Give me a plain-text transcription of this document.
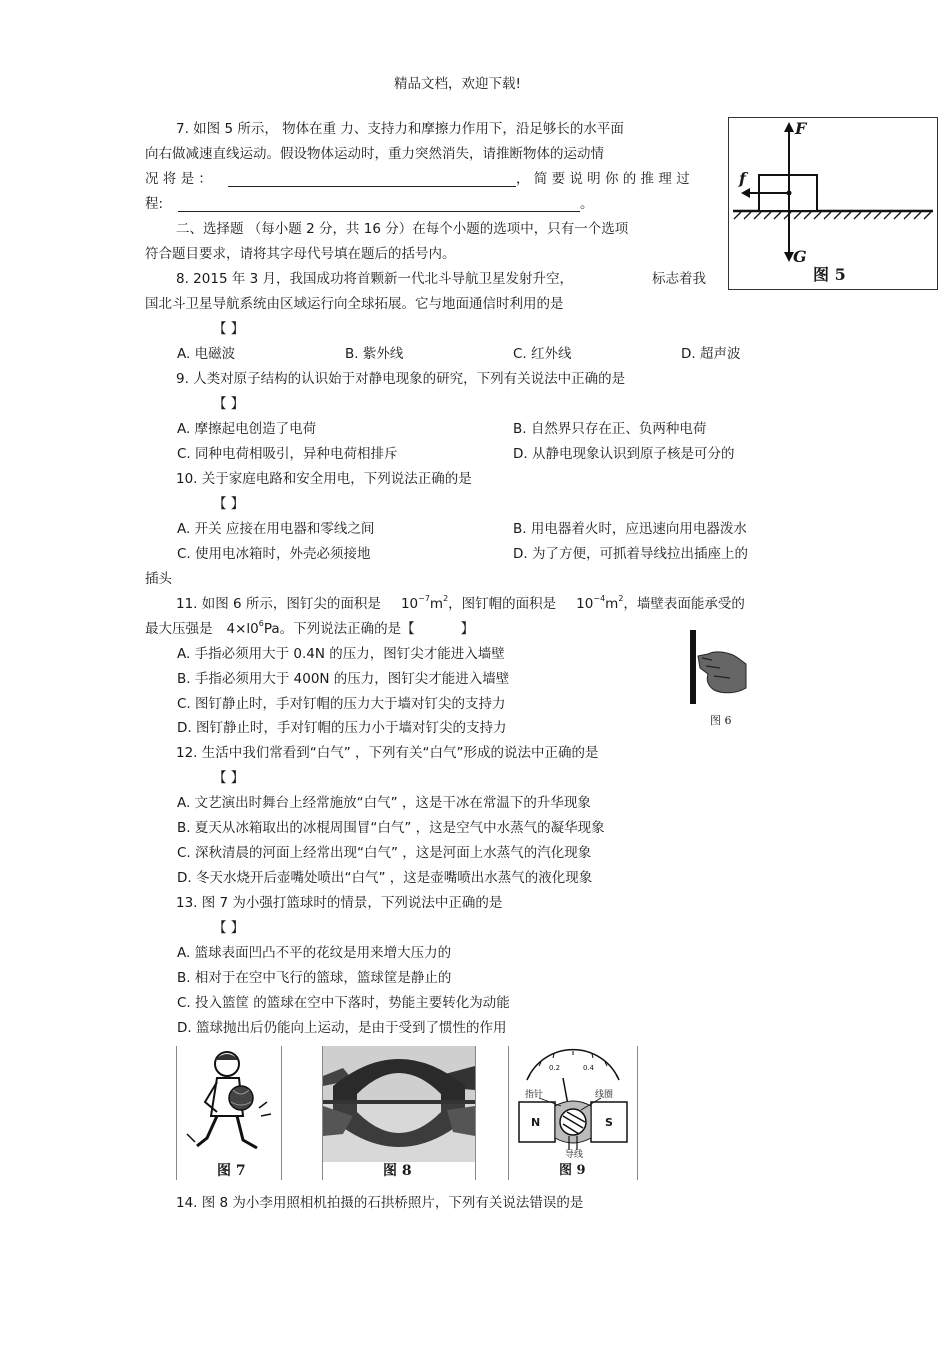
精品文档，欢迎下载!
7. 如图 5 所示， 物体在重 力、支持力和摩擦力作用下，沿足够长的水平面
向右做减速直线运动。假设物体运动时，重力突然消失，请推断物体的运动情
况 将 是 ：	， 简 要 说 明 你 的 推 理 过
程:	。
F
f
G
图 5
二、选择题 （每小题 2 分，共 16 分）在每个小题的选项中，只有一个选项
符合题目要求，请将其字母代号填在题后的括号内。
8. 2015 年 3 月，我国成功将首颗新一代北斗导航卫星发射升空，	标志着我
国北斗卫星导航系统由区域运行向全球拓展。它与地面通信时利用的是
【 】
A. 电磁波	B. 紫外线	C. 红外线	D. 超声波
9. 人类对原子结构的认识始于对静电现象的研究，下列有关说法中正确的是
【 】
A. 摩擦起电创造了电荷	B. 自然界只存在正、负两种电荷
C. 同种电荷相吸引，异种电荷相排斥	D. 从静电现象认识到原子核是可分的
10. 关于家庭电路和安全用电，下列说法正确的是
【 】
A. 开关 应接在用电器和零线之间	B. 用电器着火时，应迅速向用电器泼水
C. 使用电冰箱时，外壳必须接地	D. 为了方便，可抓着导线拉出插座上的
插头
11. 如图 6 所示，图钉尖的面积是 $10^{-7}m^2$，图钉帽的面积是 $10^{-4}m^2$，墙壁表面能承受的
最大压强是 $4\times l0^6Pa$。下列说法正确的是【	】
A. 手指必须用大于 0.4N 的压力，图钉尖才能进入墙壁
B. 手指必须用大于 400N 的压力，图钉尖才能进入墙壁
C. 图钉静止时，手对钉帽的压力大于墙对钉尖的支持力
D. 图钉静止时，手对钉帽的压力小于墙对钉尖的支持力	图 6
12. 生活中我们常看到“白气” ，下列有关“白气”形成的说法中正确的是
【 】
A. 文艺演出时舞台上经常施放“白气” ，这是干冰在常温下的升华现象
B. 夏天从冰箱取出的冰棍周围冒“白气” ，这是空气中水蒸气的凝华现象
C. 深秋清晨的河面上经常出现“白气” ，这是河面上水蒸气的汽化现象
D. 冬天水烧开后壶嘴处喷出“白气” ，这是壶嘴喷出水蒸气的液化现象
13. 图 7 为小强打篮球时的情景，下列说法中正确的是
【 】
A. 篮球表面凹凸不平的花纹是用来增大压力的
B. 相对于在空中飞行的篮球，篮球筐是静止的
C. 投入篮筐 的篮球在空中下落时，势能主要转化为动能
D. 篮球抛出后仍能向上运动，是由于受到了惯性的作用
图 7	图 8
0.2	0.4
指针	线圈
N	S
导线
图 9
14. 图 8 为小李用照相机拍摄的石拱桥照片，下列有关说法错误的是
